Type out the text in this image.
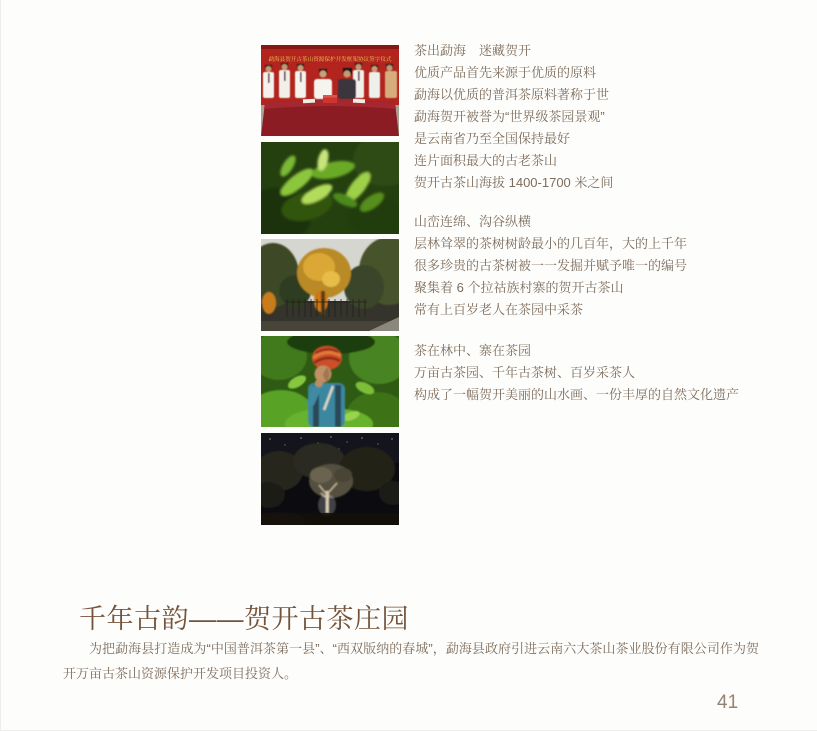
勐海县贺开古茶山资源保护开发框架协议签字仪式
茶出勐海　迷藏贺开
优质产品首先来源于优质的原料
勐海以优质的普洱茶原料著称于世
勐海贺开被誉为“世界级茶园景观”
是云南省乃至全国保持最好
连片面积最大的古老茶山
贺开古茶山海拔 1400-1700 米之间
山峦连绵、沟谷纵横
层林耸翠的茶树树龄最小的几百年，大的上千年
很多珍贵的古茶树被一一发掘并赋予唯一的编号
聚集着 6 个拉祜族村寨的贺开古茶山
常有上百岁老人在茶园中采茶
茶在林中、寨在茶园
万亩古茶园、千年古茶树、百岁采茶人
构成了一幅贺开美丽的山水画、一份丰厚的自然文化遗产
千年古韵——贺开古茶庄园

为把勐海县打造成为“中国普洱茶第一县”、“西双版纳的春城”，勐海县政府引进云南六大茶山茶业股份有限公司作为贺开万亩古茶山资源保护开发项目投资人。

41
